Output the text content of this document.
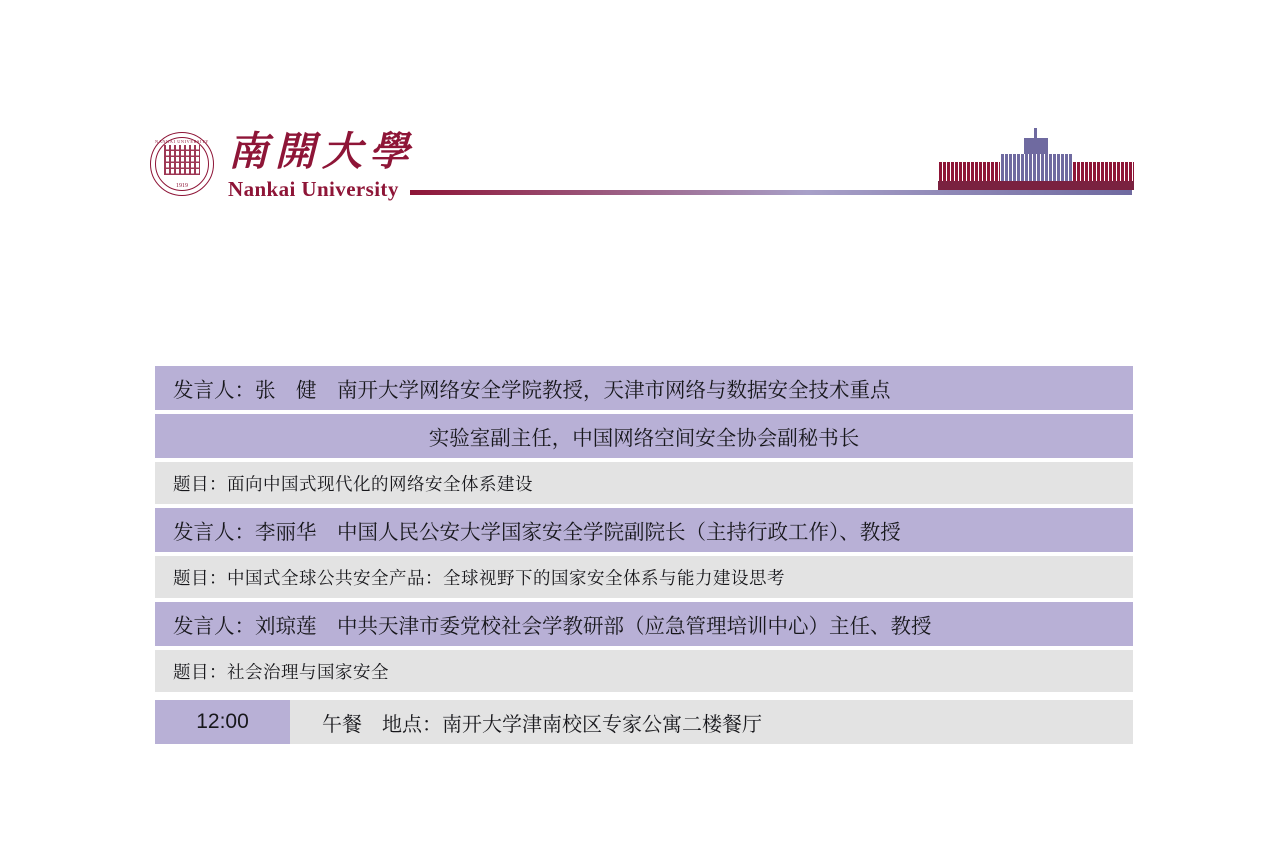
NANKAI UNIVERSITY
1919
南開大學
Nankai University
发言人：张　健　南开大学网络安全学院教授，天津市网络与数据安全技术重点
实验室副主任，中国网络空间安全协会副秘书长
题目：面向中国式现代化的网络安全体系建设
发言人：李丽华　中国人民公安大学国家安全学院副院长（主持行政工作）、教授
题目：中国式全球公共安全产品：全球视野下的国家安全体系与能力建设思考
发言人：刘琼莲　中共天津市委党校社会学教研部（应急管理培训中心）主任、教授
题目：社会治理与国家安全
12:00	午餐　地点：南开大学津南校区专家公寓二楼餐厅
